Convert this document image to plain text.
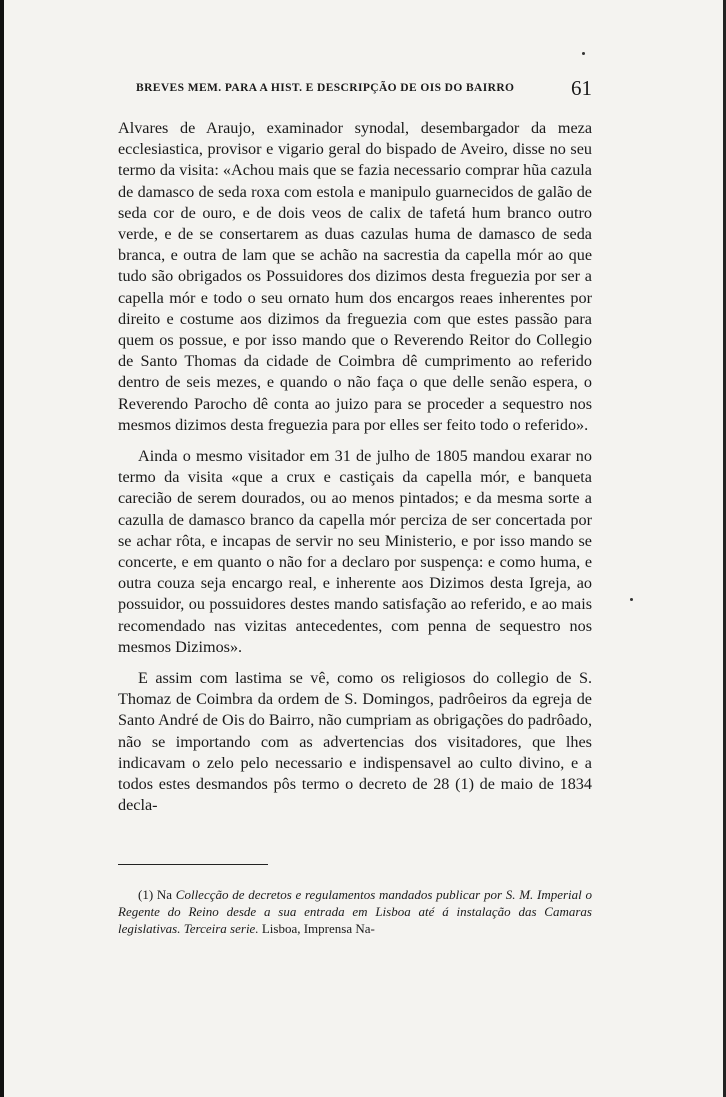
BREVES MEM. PARA A HIST. E DESCRIPÇÃO DE OIS DO BAIRRO	61

Alvares de Araujo, examinador synodal, desembargador da meza ecclesiastica, provisor e vigario geral do bispado de Aveiro, disse no seu termo da visita: «Achou mais que se fazia necessario comprar hũa cazula de damasco de seda roxa com estola e manipulo guarnecidos de galão de seda cor de ouro, e de dois veos de calix de tafetá hum branco outro verde, e de se consertarem as duas cazulas huma de damasco de seda branca, e outra de lam que se achão na sacrestia da capella mór ao que tudo são obrigados os Possuidores dos dizimos desta freguezia por ser a capella mór e todo o seu ornato hum dos encargos reaes inherentes por direito e costume aos dizimos da freguezia com que estes passão para quem os possue, e por isso mando que o Reverendo Reitor do Collegio de Santo Thomas da cidade de Coimbra dê cumprimento ao referido dentro de seis mezes, e quando o não faça o que delle senão espera, o Reverendo Parocho dê conta ao juizo para se proceder a sequestro nos mesmos dizimos desta freguezia para por elles ser feito todo o referido».

Ainda o mesmo visitador em 31 de julho de 1805 mandou exarar no termo da visita «que a crux e castiçais da capella mór, e banqueta carecião de serem dourados, ou ao menos pintados; e da mesma sorte a cazulla de damasco branco da capella mór perciza de ser concertada por se achar rôta, e incapas de servir no seu Ministerio, e por isso mando se concerte, e em quanto o não for a declaro por suspença: e como huma, e outra couza seja encargo real, e inherente aos Dizimos desta Igreja, ao possuidor, ou possuidores destes mando satisfação ao referido, e ao mais recomendado nas vizitas antecedentes, com penna de sequestro nos mesmos Dizimos».

E assim com lastima se vê, como os religiosos do collegio de S. Thomaz de Coimbra da ordem de S. Domingos, padrôeiros da egreja de Santo André de Ois do Bairro, não cumpriam as obrigações do padrôado, não se importando com as advertencias dos visitadores, que lhes indicavam o zelo pelo necessario e indispensavel ao culto divino, e a todos estes desmandos pôs termo o decreto de 28 (1) de maio de 1834 decla-

(1) Na Collecção de decretos e regulamentos mandados publicar por S. M. Imperial o Regente do Reino desde a sua entrada em Lisboa até á instalação das Camaras legislativas. Terceira serie. Lisboa, Imprensa Na-
